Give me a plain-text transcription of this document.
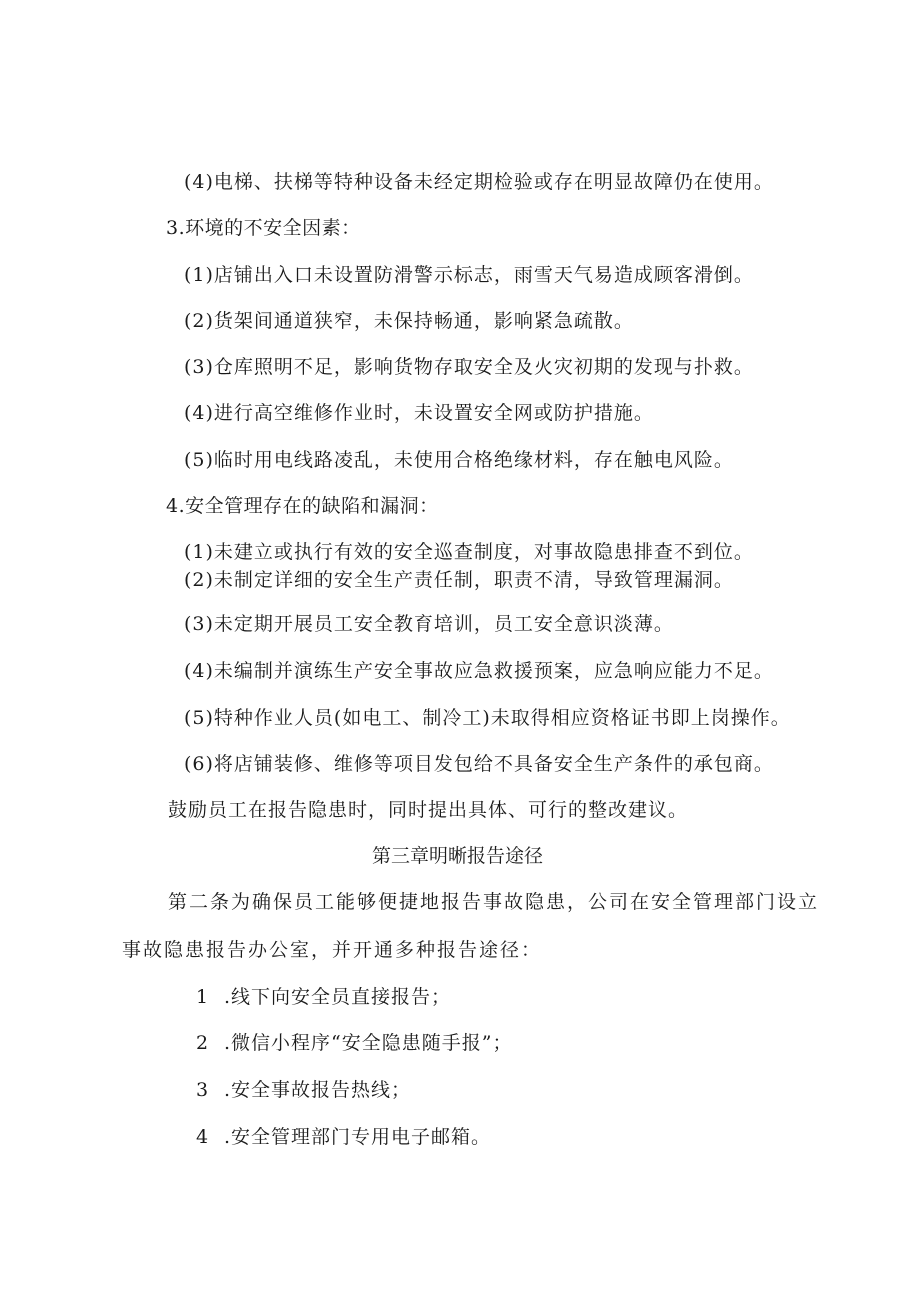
(4)电梯、扶梯等特种设备未经定期检验或存在明显故障仍在使用。
3.环境的不安全因素：
(1)店铺出入口未设置防滑警示标志，雨雪天气易造成顾客滑倒。
(2)货架间通道狭窄，未保持畅通，影响紧急疏散。
(3)仓库照明不足，影响货物存取安全及火灾初期的发现与扑救。
(4)进行高空维修作业时，未设置安全网或防护措施。
(5)临时用电线路凌乱，未使用合格绝缘材料，存在触电风险。
4.安全管理存在的缺陷和漏洞：
(1)未建立或执行有效的安全巡查制度，对事故隐患排查不到位。
(2)未制定详细的安全生产责任制，职责不清，导致管理漏洞。
(3)未定期开展员工安全教育培训，员工安全意识淡薄。
(4)未编制并演练生产安全事故应急救援预案，应急响应能力不足。
(5)特种作业人员(如电工、制冷工)未取得相应资格证书即上岗操作。
(6)将店铺装修、维修等项目发包给不具备安全生产条件的承包商。
鼓励员工在报告隐患时，同时提出具体、可行的整改建议。
第三章明晰报告途径
第二条为确保员工能够便捷地报告事故隐患，公司在安全管理部门设立
事故隐患报告办公室，并开通多种报告途径：
1 .线下向安全员直接报告；
2 .微信小程序“安全隐患随手报”；
3 .安全事故报告热线；
4 .安全管理部门专用电子邮箱。
